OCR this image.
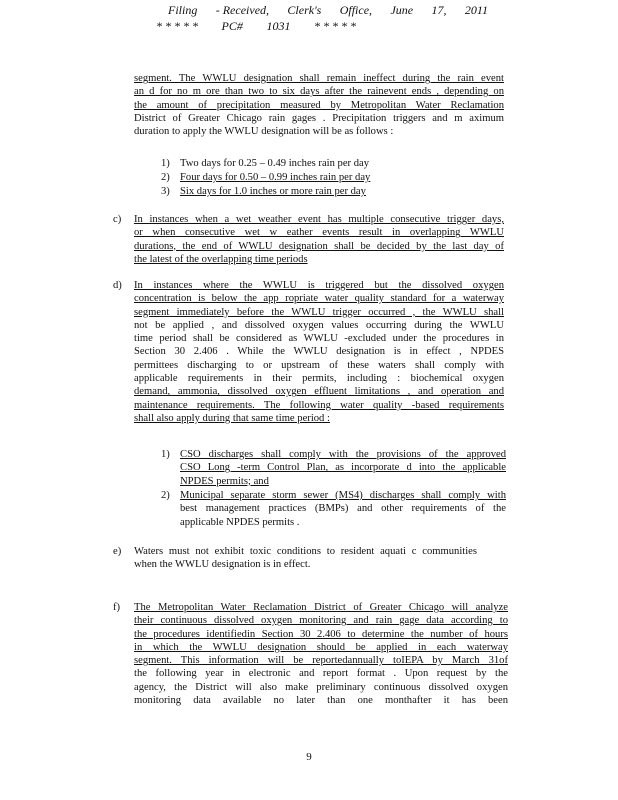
Filing - Received, Clerk's Office, June 17, 2011
* * * * * PC# 1031 * * * * *
segment. The WWLU designation shall remain ineffect during the rain event
an d for no m ore than two to six days after the rainevent ends , depending on
the amount of precipitation measured by Metropolitan Water Reclamation
District of Greater Chicago rain gages . Precipitation triggers and m aximum
duration to apply the WWLU designation will be as follows :
1) Two days for 0.25 – 0.49 inches rain per day
2) Four days for 0.50 – 0.99 inches rain per day
3) Six days for 1.0 inches or more rain per day
c) In instances when a wet weather event has multiple consecutive trigger days,
or when consecutive wet w eather events result in overlapping WWLU
durations, the end of WWLU designation shall be decided by the last day of
the latest of the overlapping time periods
d) In instances where the WWLU is triggered but the dissolved oxygen
concentration is below the app ropriate water quality standard for a waterway
segment immediately before the WWLU trigger occurred , the WWLU shall
not be applied , and dissolved oxygen values occurring during the WWLU
time period shall be considered as WWLU -excluded under the procedures in
Section 30 2.406 . While the WWLU designation is in effect , NPDES
permittees discharging to or upstream of these waters shall comply with
applicable requirements in their permits, including : biochemical oxygen
demand, ammonia, dissolved oxygen effluent limitations , and operation and
maintenance requirements. The following water quality -based requirements
shall also apply during that same time period :
1) CSO discharges shall comply with the provisions of the approved
CSO Long -term Control Plan, as incorporate d into the applicable
NPDES permits; and
2) Municipal separate storm sewer (MS4) discharges shall comply with
best management practices (BMPs) and other requirements of the
applicable NPDES permits .
e) Waters must not exhibit toxic conditions to resident aquati c communities
when the WWLU designation is in effect.
f) The Metropolitan Water Reclamation District of Greater Chicago will analyze
their continuous dissolved oxygen monitoring and rain gage data according to
the procedures identifiedin Section 30 2.406 to determine the number of hours
in which the WWLU designation should be applied in each waterway
segment. This information will be reportedannually toIEPA by March 31of
the following year in electronic and report format . Upon request by the
agency, the District will also make preliminary continuous dissolved oxygen
monitoring data available no later than one monthafter it has been
9
